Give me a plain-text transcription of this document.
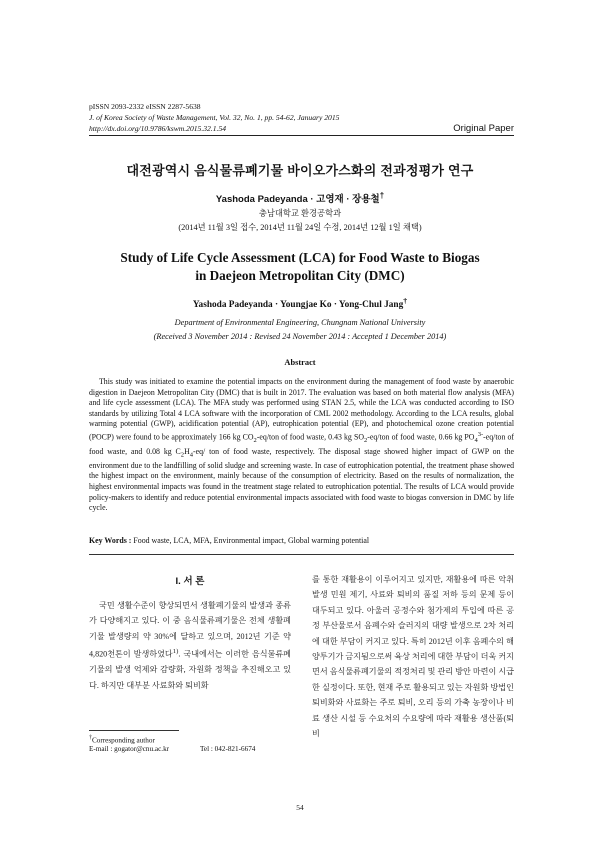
pISSN 2093-2332 eISSN 2287-5638
J. of Korea Society of Waste Management, Vol. 32, No. 1, pp. 54-62, January 2015
http://dx.doi.org/10.9786/kswm.2015.32.1.54	Original Paper
대전광역시 음식물류폐기물 바이오가스화의 전과정평가 연구
Yashoda Padeyanda · 고영재 · 장용철†
충남대학교 환경공학과
(2014년 11월 3일 접수, 2014년 11월 24일 수정, 2014년 12월 1일 채택)
Study of Life Cycle Assessment (LCA) for Food Waste to Biogas
in Daejeon Metropolitan City (DMC)
Yashoda Padeyanda · Youngjae Ko · Yong-Chul Jang†
Department of Environmental Engineering, Chungnam National University
(Received 3 November 2014 : Revised 24 November 2014 : Accepted 1 December 2014)
Abstract

This study was initiated to examine the potential impacts on the environment during the management of food waste by anaerobic digestion in Daejeon Metropolitan City (DMC) that is built in 2017. The evaluation was based on both material flow analysis (MFA) and life cycle assessment (LCA). The MFA study was performed using STAN 2.5, while the LCA was conducted according to ISO standards by utilizing Total 4 LCA software with the incorporation of CML 2002 methodology. According to the LCA results, global warming potential (GWP), acidification potential (AP), eutrophication potential (EP), and photochemical ozone creation potential (POCP) were found to be approximately 166 kg $CO_2-eq$/ton of food waste, 0.43 kg $SO_2-eq$/ton of food waste, 0.66 kg $PO_4^{3-}-eq$/ton of food waste, and 0.08 kg $C_2H_4-eq/$ ton of food waste, respectively. The disposal stage showed higher impact of GWP on the environment due to the landfilling of solid sludge and screening waste. In case of eutrophication potential, the treatment phase showed the highest impact on the environment, mainly because of the consumption of electricity. Based on the results of normalization, the highest environmental impacts was found in the treatment stage related to eutrophication potential. The results of LCA would provide policy-makers to identify and reduce potential environmental impacts associated with food waste to biogas conversion in DMC by life cycle.

Key Words : Food waste, LCA, MFA, Environmental impact, Global warming potential
I. 서 론

국민 생활수준이 향상되면서 생활폐기물의 발생과 종류가 다양해지고 있다. 이 중 음식물류폐기물은 전체 생활폐기물 발생량의 약 30%에 달하고 있으며, 2012년 기준 약 4,820천톤이 발생하였다$^{1)}$. 국내에서는 이러한 음식물류폐기물의 발생 억제와 감량화, 자원화 정책을 추진해오고 있다. 하지만 대부분 사료화와 퇴비화

를 통한 재활용이 이루어지고 있지만, 재활용에 따른 악취 발생 민원 제기, 사료와 퇴비의 품질 저하 등의 문제 등이 대두되고 있다. 아울러 공정수와 첨가제의 투입에 따른 공정 부산물로서 음폐수와 슬러지의 대량 발생으로 2차 처리에 대한 부담이 커지고 있다. 특히 2012년 이후 음폐수의 해양투기가 금지됨으로써 육상 처리에 대한 부담이 더욱 커지면서 음식물류폐기물의 적정처리 및 관리 방안 마련이 시급한 실정이다. 또한, 현재 주로 활용되고 있는 자원화 방법인 퇴비화와 사료화는 주로 퇴비, 오리 등의 가축 농장이나 비료 생산 시설 등 수요처의 수요량에 따라 재활용 생산품(퇴비

†Corresponding author
E-mail : gogator@cnu.ac.kr	Tel : 042-821-6674
54
